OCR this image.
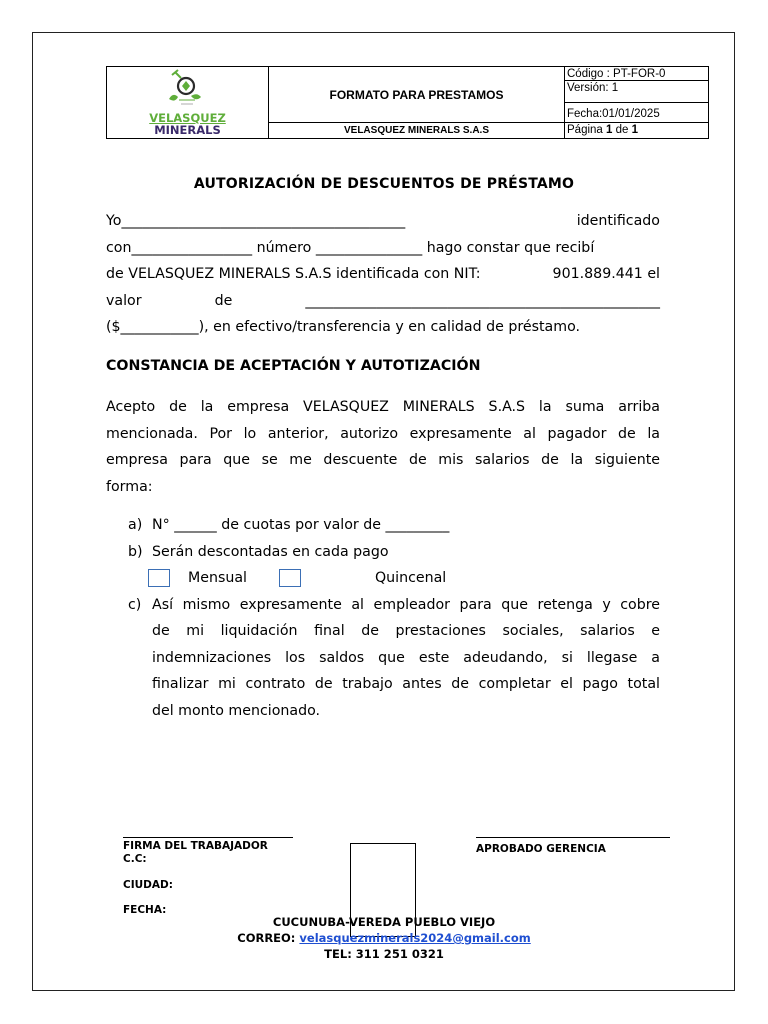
VELASQUEZ
MINERALS
FORMATO PARA PRESTAMOS
VELASQUEZ MINERALS S.A.S
Código : PT-FOR-0
Versión: 1
Fecha:01/01/2025
Página 1 de 1
AUTORIZACIÓN DE DESCUENTOS DE PRÉSTAMO
Yo________________________________________	identificado
con_________________ número _______________ hago constar que recibí
de VELASQUEZ MINERALS S.A.S identificada con NIT:	901.889.441 el
valor	de	__________________________________________________
($___________), en efectivo/transferencia y en calidad de préstamo.
CONSTANCIA DE ACEPTACIÓN Y AUTOTIZACIÓN
Acepto de la empresa VELASQUEZ MINERALS S.A.S la suma arriba
mencionada. Por lo anterior, autorizo expresamente al pagador de la
empresa para que se me descuente de mis salarios de la siguiente
forma:
a) N° ______ de cuotas por valor de _________
b) Serán descontadas en cada pago
Mensual	Quincenal
c) Así mismo expresamente al empleador para que retenga y cobre
de mi liquidación final de prestaciones sociales, salarios e
indemnizaciones los saldos que este adeudando, si llegase a
finalizar mi contrato de trabajo antes de completar el pago total
del monto mencionado.
FIRMA DEL TRABAJADOR
C.C:
CIUDAD:
FECHA:
APROBADO GERENCIA
CUCUNUBA-VEREDA PUEBLO VIEJO
CORREO: velasquezminerals2024@gmail.com
TEL: 311 251 0321
